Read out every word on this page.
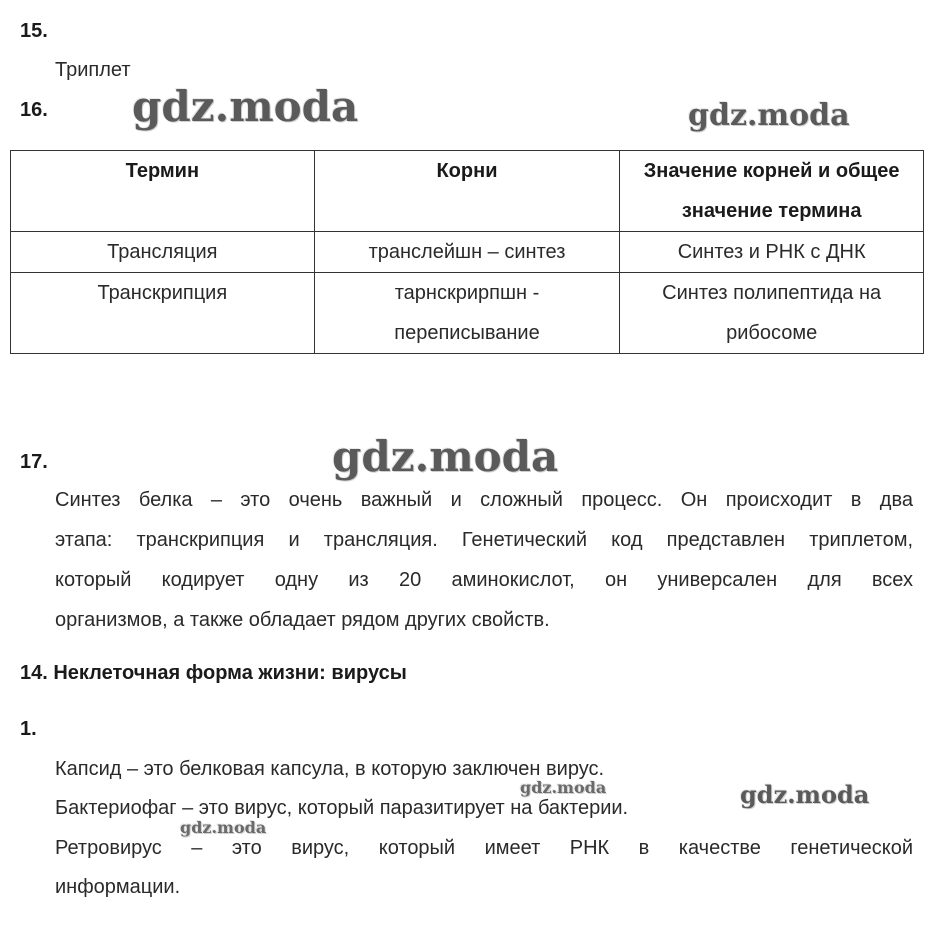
15.
Триплет
16.
Термин	Корни	Значение корней и общее значение термина
Трансляция	транслейшн – синтез	Синтез и РНК с ДНК
Транскрипция	тарнскрирпшн - переписывание	Синтез полипептида на рибосоме
17.
Синтез белка – это очень важный и сложный процесс. Он происходит в два
этапа: транскрипция и трансляция. Генетический код представлен триплетом,
который кодирует одну из 20 аминокислот, он универсален для всех
организмов, а также обладает рядом других свойств.
14. Неклеточная форма жизни: вирусы
1.
Капсид – это белковая капсула, в которую заключен вирус.
Бактериофаг – это вирус, который паразитирует на бактерии.
Ретровирус – это вирус, который имеет РНК в качестве генетической
информации.
gdz.moda	gdz.moda
gdz.moda
gdz.moda	gdz.moda
gdz.moda
